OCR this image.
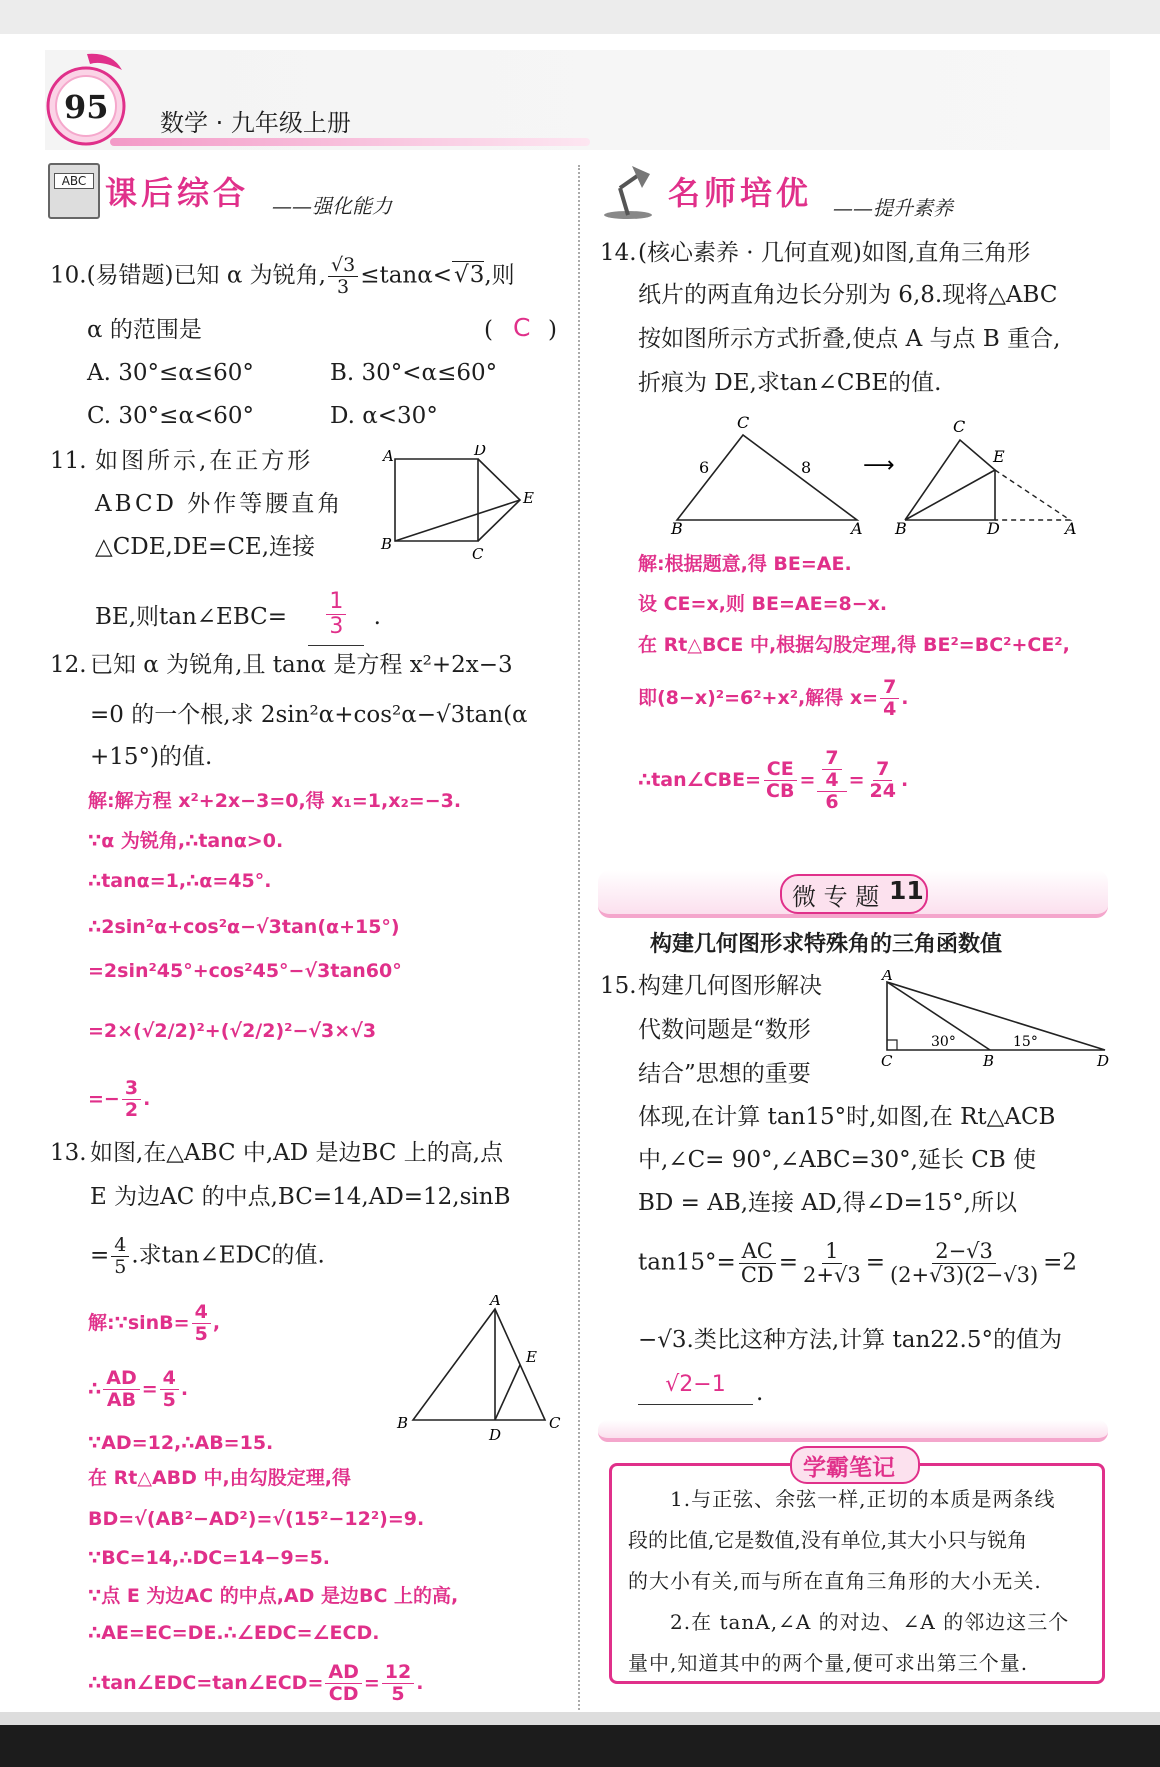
95 数学 · 九年级上册
ABC 课后综合 ——强化能力	名师培优 ——提升素养
10.(易错题)已知 α 为锐角, $\frac{√3}{3} \le\tan\alpha<√$ 3,则
α 的范围是	( C )
A. 30°≤α≤60°	B. 30°<α≤60°
C. 30°≤α<60°	D. α<30°
11. 如图所示,在正方形
ABCD 外作等腰直角
△CDE,DE=CE,连接
BE,则tan∠EBC= $\frac{1}{3}$ .
A	D
E
B
C
12. 已知 α 为锐角,且 tanα 是方程 x²+2x−3
=0 的一个根,求 2sin²α+cos²α−√3tan(α
+15°)的值.
解:解方程 x²+2x−3=0,得 x₁=1,x₂=−3.
∵α 为锐角,∴tanα>0.
∴tanα=1,∴α=45°.
∴2sin²α+cos²α−√3tan(α+15°)
=2sin²45°+cos²45°−√3tan60°
=2×(√2/2)²+(√2/2)²−√3×√3
=− $\frac{3}{2}$ .
13. 如图,在△ABC 中,AD 是边BC 上的高,点
E 为边AC 的中点,BC=14,AD=12,sinB
= $\frac{4}{5}$ .求tan∠EDC的值.
解:∵sinB= $\frac{4}{5}$ ,
∴ $\frac{AD}{AB} = \frac{4}{5}$ .
∵AD=12,∴AB=15.
在 Rt△ABD 中,由勾股定理,得
BD=√(AB²−AD²)=√(15²−12²)=9.
∵BC=14,∴DC=14−9=5.
∵点 E 为边AC 的中点,AD 是边BC 上的高,
∴AE=EC=DE.∴∠EDC=∠ECD.
∴tan∠EDC=tan∠ECD= $\frac{AD}{CD} = \frac{12}{5}$ .
A
E
B
D
C
14. (核心素养 · 几何直观)如图,直角三角形
纸片的两直角边长分别为 6,8.现将△ABC
按如图所示方式折叠,使点 A 与点 B 重合,
折痕为 DE,求tan∠CBE的值.
C
6	8
B	A
⟶
C
E
B	D	A
解:根据题意,得 BE=AE.
设 CE=x,则 BE=AE=8−x.
在 Rt△BCE 中,根据勾股定理,得 BE²=BC²+CE²,
即(8−x)²=6²+x²,解得 $x= \frac{7}{4}$ .
∴tan∠CBE= $\frac{CE}{CB} = \frac{\frac{7}{4}}{6} = \frac{7}{24}$ .
微 专 题 11
构建几何图形求特殊角的三角函数值
15. 构建几何图形解决
代数问题是“数形
结合”思想的重要
A
C	B	D
30°	15°
体现,在计算 tan15°时,如图,在 Rt△ACB
中,∠C= 90°,∠ABC=30°,延长 CB 使
BD = AB,连接 AD,得∠D=15°,所以
$\tan 15^\circ= \frac{AC}{CD} = \frac{1}{2+√3} = \frac{2-√3}{(2+√3)(2-√3)} =2$
−√3.类比这种方法,计算 tan22.5°的值为
√2−1	.
学霸笔记
1.与正弦、余弦一样,正切的本质是两条线
段的比值,它是数值,没有单位,其大小只与锐角
的大小有关,而与所在直角三角形的大小无关.
2.在 tanA,∠A 的对边、∠A 的邻边这三个
量中,知道其中的两个量,便可求出第三个量.
